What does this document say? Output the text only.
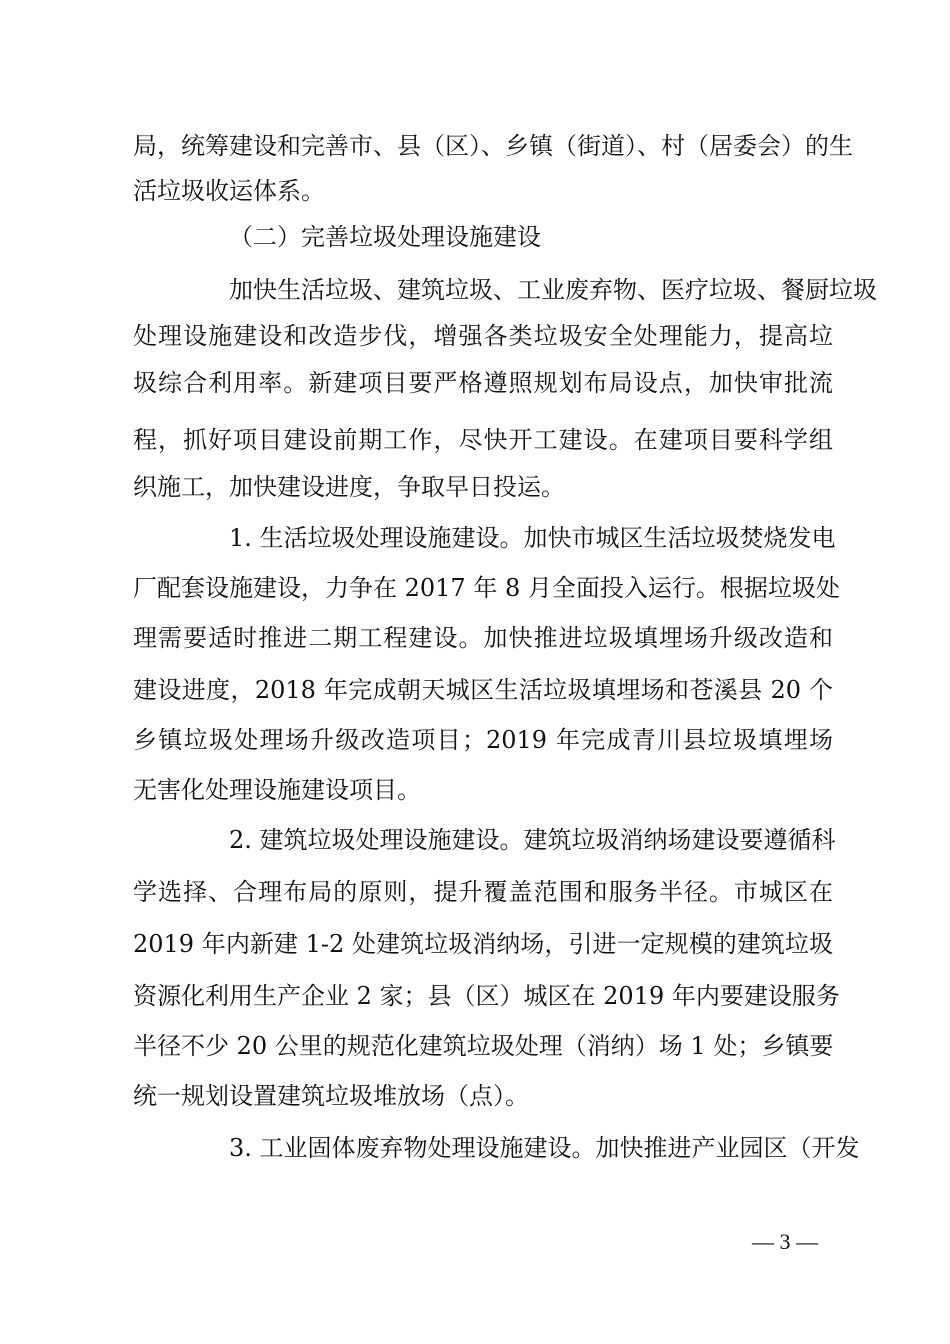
局，统筹建设和完善市、县（区）、乡镇（街道）、村（居委会）的生
活垃圾收运体系。
（二）完善垃圾处理设施建设
加快生活垃圾、建筑垃圾、工业废弃物、医疗垃圾、餐厨垃圾
处理设施建设和改造步伐，增强各类垃圾安全处理能力，提高垃
圾综合利用率。新建项目要严格遵照规划布局设点，加快审批流
程，抓好项目建设前期工作，尽快开工建设。在建项目要科学组
织施工，加快建设进度，争取早日投运。
1. 生活垃圾处理设施建设。加快市城区生活垃圾焚烧发电
厂配套设施建设，力争在 2017 年 8 月全面投入运行。根据垃圾处
理需要适时推进二期工程建设。加快推进垃圾填埋场升级改造和
建设进度，2018 年完成朝天城区生活垃圾填埋场和苍溪县 20 个
乡镇垃圾处理场升级改造项目；2019 年完成青川县垃圾填埋场
无害化处理设施建设项目。
2. 建筑垃圾处理设施建设。建筑垃圾消纳场建设要遵循科
学选择、合理布局的原则，提升覆盖范围和服务半径。市城区在
2019 年内新建 1-2 处建筑垃圾消纳场，引进一定规模的建筑垃圾
资源化利用生产企业 2 家；县（区）城区在 2019 年内要建设服务
半径不少 20 公里的规范化建筑垃圾处理（消纳）场 1 处；乡镇要
统一规划设置建筑垃圾堆放场（点）。
3. 工业固体废弃物处理设施建设。加快推进产业园区（开发
— 3 —
